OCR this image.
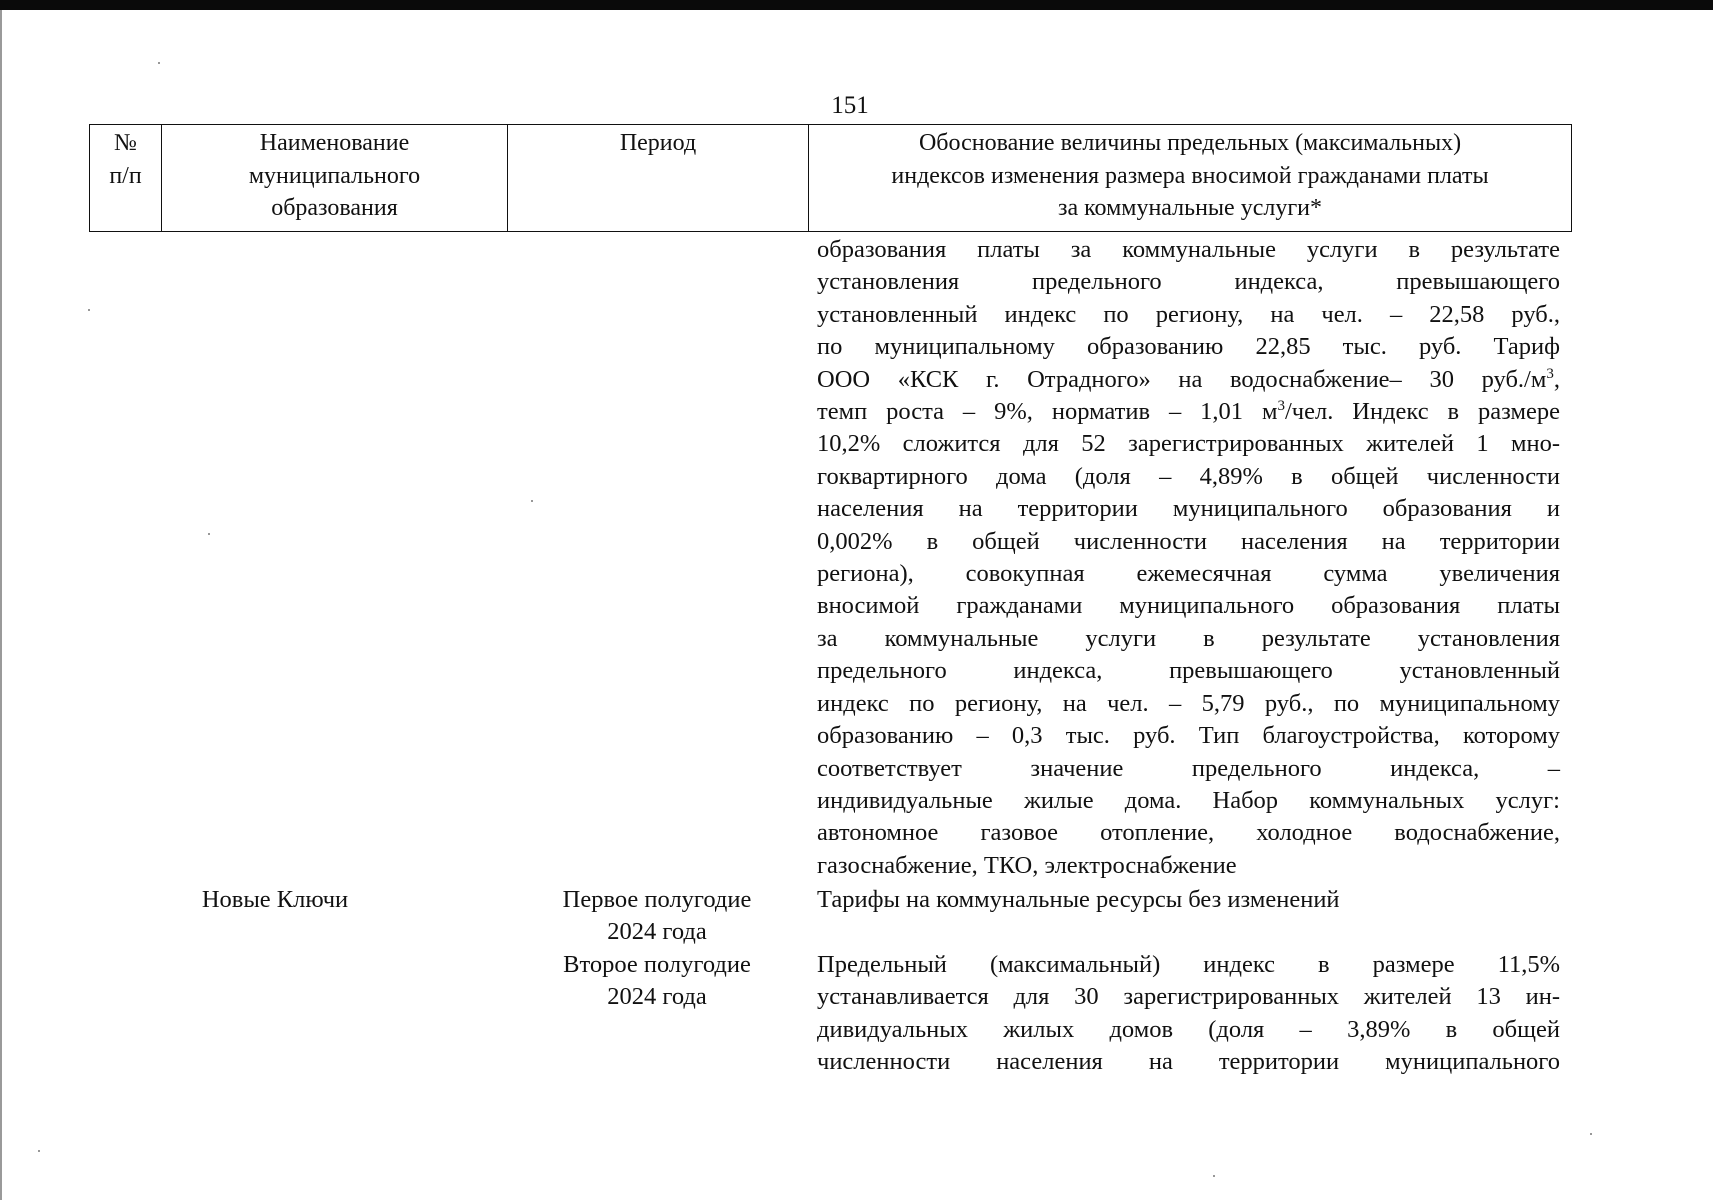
151
№
п/п
Наименование
муниципального
образования
Период	Обоснование величины предельных (максимальных)
индексов изменения размера вносимой гражданами платы
за коммунальные услуги*
образования платы за коммунальные услуги в результате
установления предельного индекса, превышающего
установленный индекс по региону, на чел. – 22,58 руб.,
по муниципальному образованию 22,85 тыс. руб. Тариф
ООО «КСК г. Отрадного» на водоснабжение– 30 $руб./м^3$,
темп роста – 9%, норматив – 1,01 $м^3$/чел. Индекс в размере
10,2% сложится для 52 зарегистрированных жителей 1 мно-
гоквартирного дома (доля – 4,89% в общей численности
населения на территории муниципального образования и
0,002% в общей численности населения на территории
региона), совокупная ежемесячная сумма увеличения
вносимой гражданами муниципального образования платы
за коммунальные услуги в результате установления
предельного индекса, превышающего установленный
индекс по региону, на чел. – 5,79 руб., по муниципальному
образованию – 0,3 тыс. руб. Тип благоустройства, которому
соответствует значение предельного индекса, –
индивидуальные жилые дома. Набор коммунальных услуг:
автономное газовое отопление, холодное водоснабжение,
газоснабжение, ТКО, электроснабжение
Новые Ключи	Первое полугодие
2024 года
Тарифы на коммунальные ресурсы без изменений
Второе полугодие
2024 года
Предельный (максимальный) индекс в размере 11,5%
устанавливается для 30 зарегистрированных жителей 13 ин-
дивидуальных жилых домов (доля – 3,89% в общей
численности населения на территории муниципального
